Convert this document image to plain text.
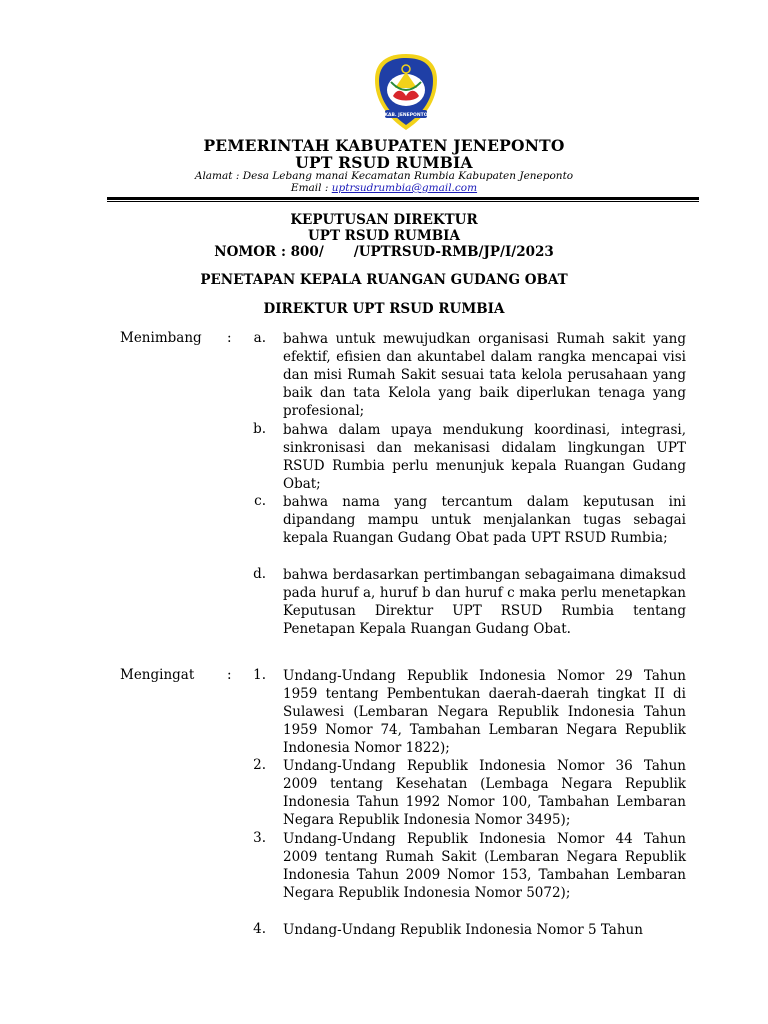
KAB. JENEPONTO
PEMERINTAH KABUPATEN JENEPONTO
UPT RSUD RUMBIA
Alamat : Desa Lebang manai Kecamatan Rumbia Kabupaten Jeneponto
Email : uptrsudrumbia@gmail.com
KEPUTUSAN DIREKTUR
UPT RSUD RUMBIA
NOMOR : 800/ /UPTRSUD-RMB/JP/I/2023
PENETAPAN KEPALA RUANGAN GUDANG OBAT
DIREKTUR UPT RSUD RUMBIA
Menimbang :	a. bahwa untuk mewujudkan organisasi Rumah sakit yang efektif, efisien dan akuntabel dalam rangka mencapai visi dan misi Rumah Sakit sesuai tata kelola perusahaan yang baik dan tata Kelola yang baik diperlukan tenaga yang profesional;
b. bahwa dalam upaya mendukung koordinasi, integrasi, sinkronisasi dan mekanisasi didalam lingkungan UPT RSUD Rumbia perlu menunjuk kepala Ruangan Gudang Obat;
c. bahwa nama yang tercantum dalam keputusan ini dipandang mampu untuk menjalankan tugas sebagai kepala Ruangan Gudang Obat pada UPT RSUD Rumbia;
d. bahwa berdasarkan pertimbangan sebagaimana dimaksud pada huruf a, huruf b dan huruf c maka perlu menetapkan Keputusan Direktur UPT RSUD Rumbia tentang Penetapan Kepala Ruangan Gudang Obat.
Mengingat :	1. Undang-Undang Republik Indonesia Nomor 29 Tahun 1959 tentang Pembentukan daerah-daerah tingkat II di Sulawesi (Lembaran Negara Republik Indonesia Tahun 1959 Nomor 74, Tambahan Lembaran Negara Republik Indonesia Nomor 1822);
2. Undang-Undang Republik Indonesia Nomor 36 Tahun 2009 tentang Kesehatan (Lembaga Negara Republik Indonesia Tahun 1992 Nomor 100, Tambahan Lembaran Negara Republik Indonesia Nomor 3495);
3. Undang-Undang Republik Indonesia Nomor 44 Tahun 2009 tentang Rumah Sakit (Lembaran Negara Republik Indonesia Tahun 2009 Nomor 153, Tambahan Lembaran Negara Republik Indonesia Nomor 5072);
4. Undang-Undang Republik Indonesia Nomor 5 Tahun
